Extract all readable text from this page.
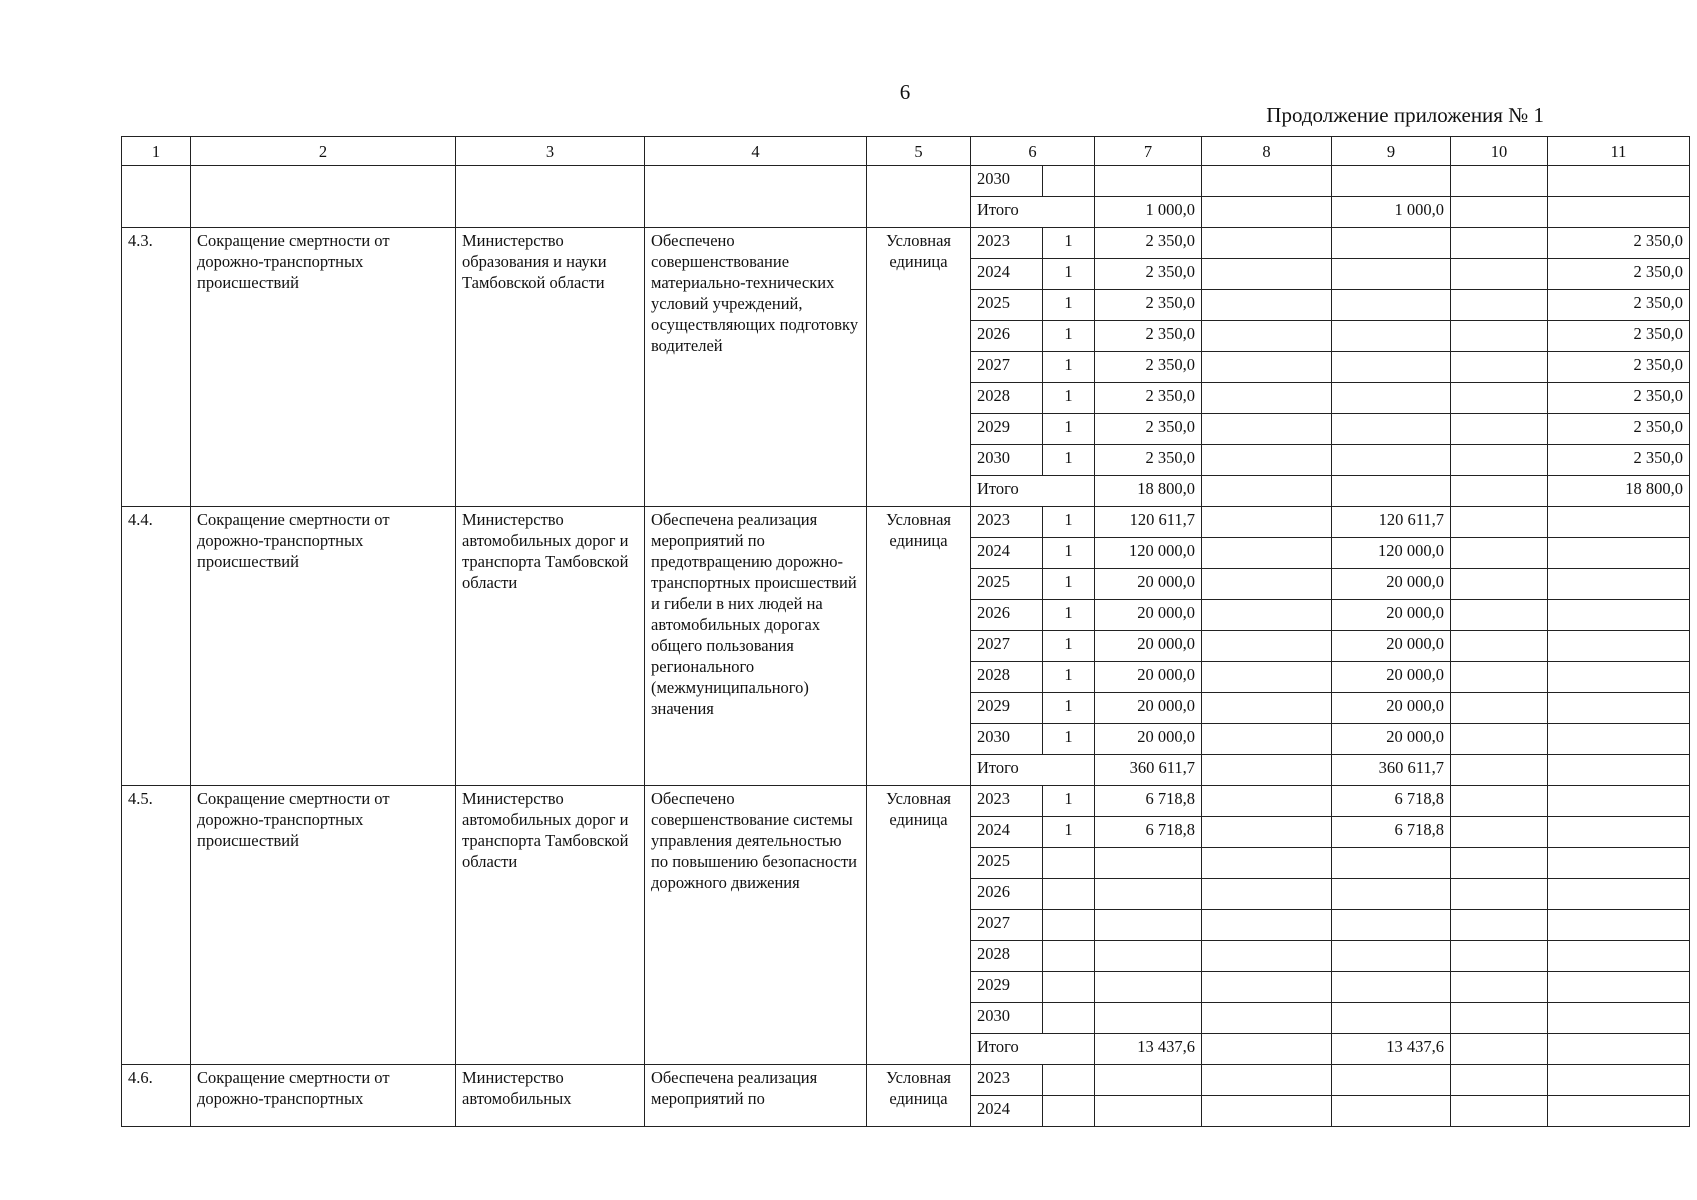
6
Продолжение приложения № 1
1	2	3	4	5	6		7	8	9	10	11
					2030						
					Итого		1 000,0		1 000,0		
4.3.	Сокращение смертности от дорожно-транспортных происшествий	Министерство образования и науки Тамбовской области	Обеспечено совершенствование материально-технических условий учреждений, осуществляющих подготовку водителей	Условная единица	2023	1	2 350,0				2 350,0
					2024	1	2 350,0				2 350,0
					2025	1	2 350,0				2 350,0
					2026	1	2 350,0				2 350,0
					2027	1	2 350,0				2 350,0
					2028	1	2 350,0				2 350,0
					2029	1	2 350,0				2 350,0
					2030	1	2 350,0				2 350,0
					Итого		18 800,0				18 800,0
4.4.	Сокращение смертности от дорожно-транспортных происшествий	Министерство автомобильных дорог и транспорта Тамбовской области	Обеспечена реализация мероприятий по предотвращению дорожно-транспортных происшествий и гибели в них людей на автомобильных дорогах общего пользования регионального (межмуниципального) значения	Условная единица	2023	1	120 611,7		120 611,7		
					2024	1	120 000,0		120 000,0		
					2025	1	20 000,0		20 000,0		
					2026	1	20 000,0		20 000,0		
					2027	1	20 000,0		20 000,0		
					2028	1	20 000,0		20 000,0		
					2029	1	20 000,0		20 000,0		
					2030	1	20 000,0		20 000,0		
					Итого		360 611,7		360 611,7		
4.5.	Сокращение смертности от дорожно-транспортных происшествий	Министерство автомобильных дорог и транспорта Тамбовской области	Обеспечено совершенствование системы управления деятельностью по повышению безопасности дорожного движения	Условная единица	2023	1	6 718,8		6 718,8		
					2024	1	6 718,8		6 718,8		
					2025						
					2026						
					2027						
					2028						
					2029						
					2030						
					Итого		13 437,6		13 437,6		
4.6.	Сокращение смертности от дорожно-транспортных	Министерство автомобильных	Обеспечена реализация мероприятий по	Условная единица	2023						
					2024						
